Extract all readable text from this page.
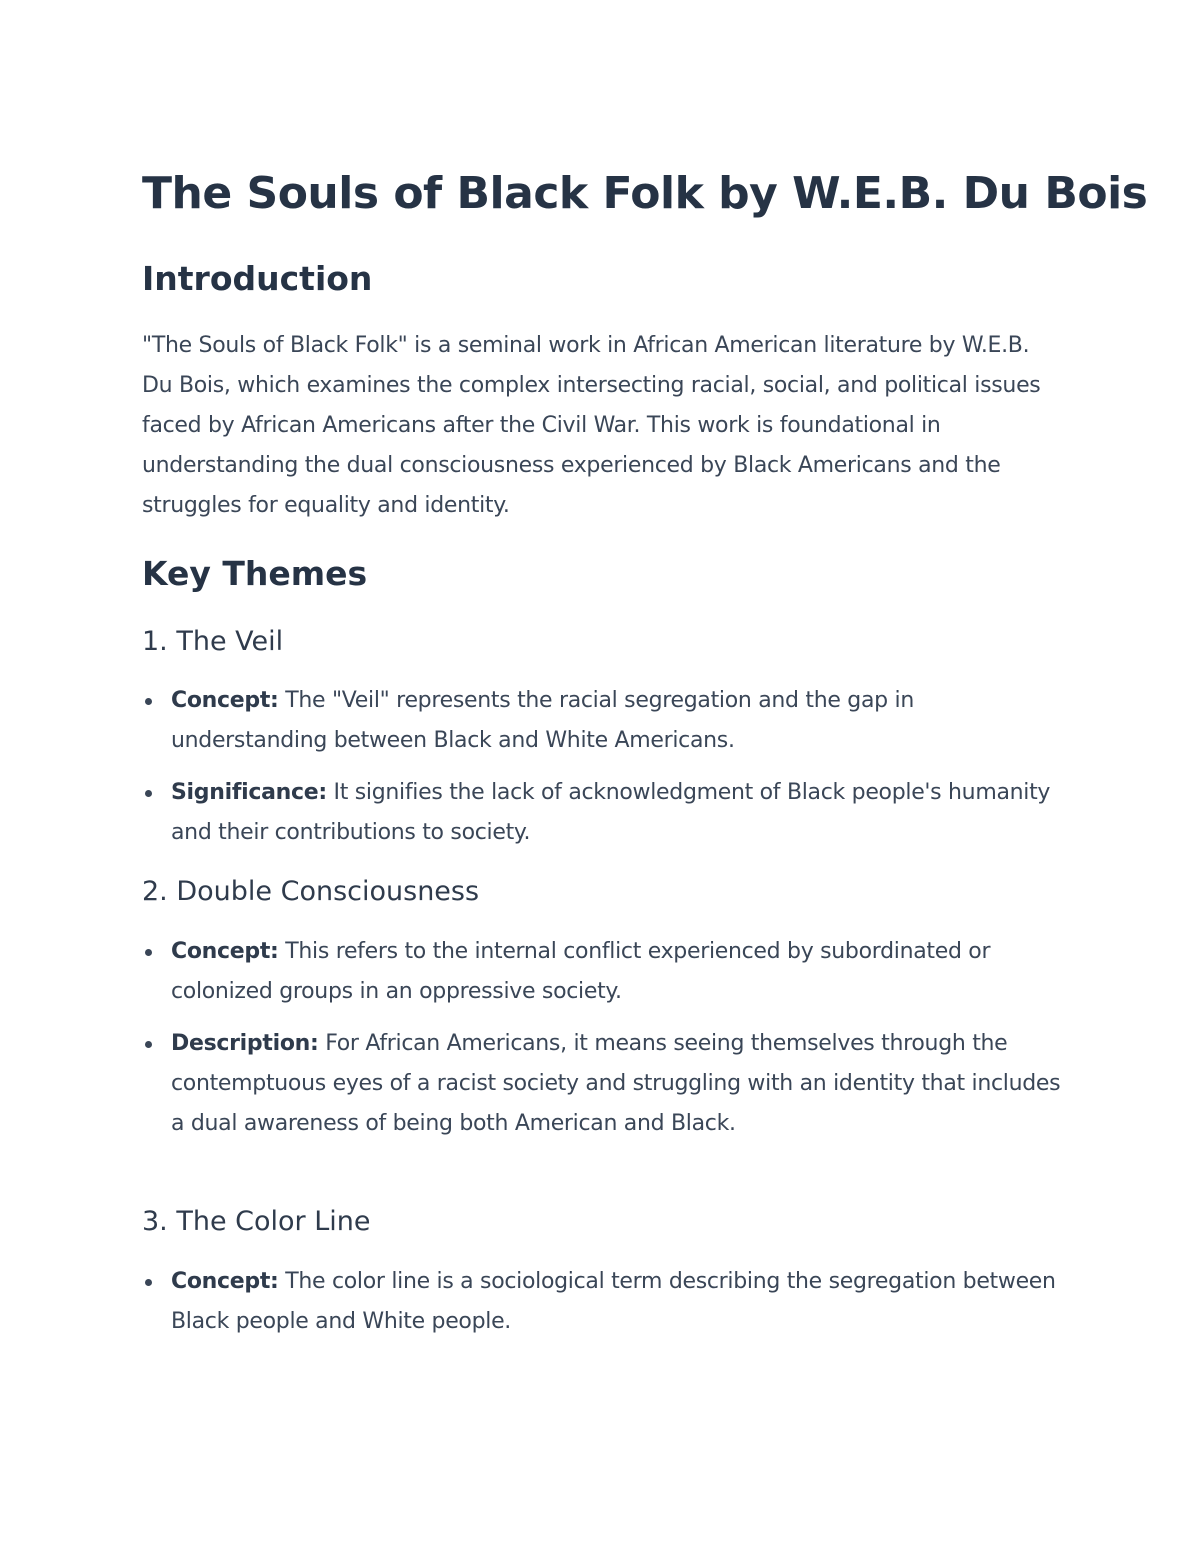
The Souls of Black Folk by W.E.B. Du Bois
Introduction

"The Souls of Black Folk" is a seminal work in African American literature by W.E.B. Du Bois, which examines the complex intersecting racial, social, and political issues faced by African Americans after the Civil War. This work is foundational in understanding the dual consciousness experienced by Black Americans and the struggles for equality and identity.

Key Themes
1. The Veil
Concept: The "Veil" represents the racial segregation and the gap in understanding between Black and White Americans.
Significance: It signifies the lack of acknowledgment of Black people's humanity and their contributions to society.
2. Double Consciousness
Concept: This refers to the internal conflict experienced by subordinated or colonized groups in an oppressive society.
Description: For African Americans, it means seeing themselves through the contemptuous eyes of a racist society and struggling with an identity that includes a dual awareness of being both American and Black.
3. The Color Line
Concept: The color line is a sociological term describing the segregation between Black people and White people.
